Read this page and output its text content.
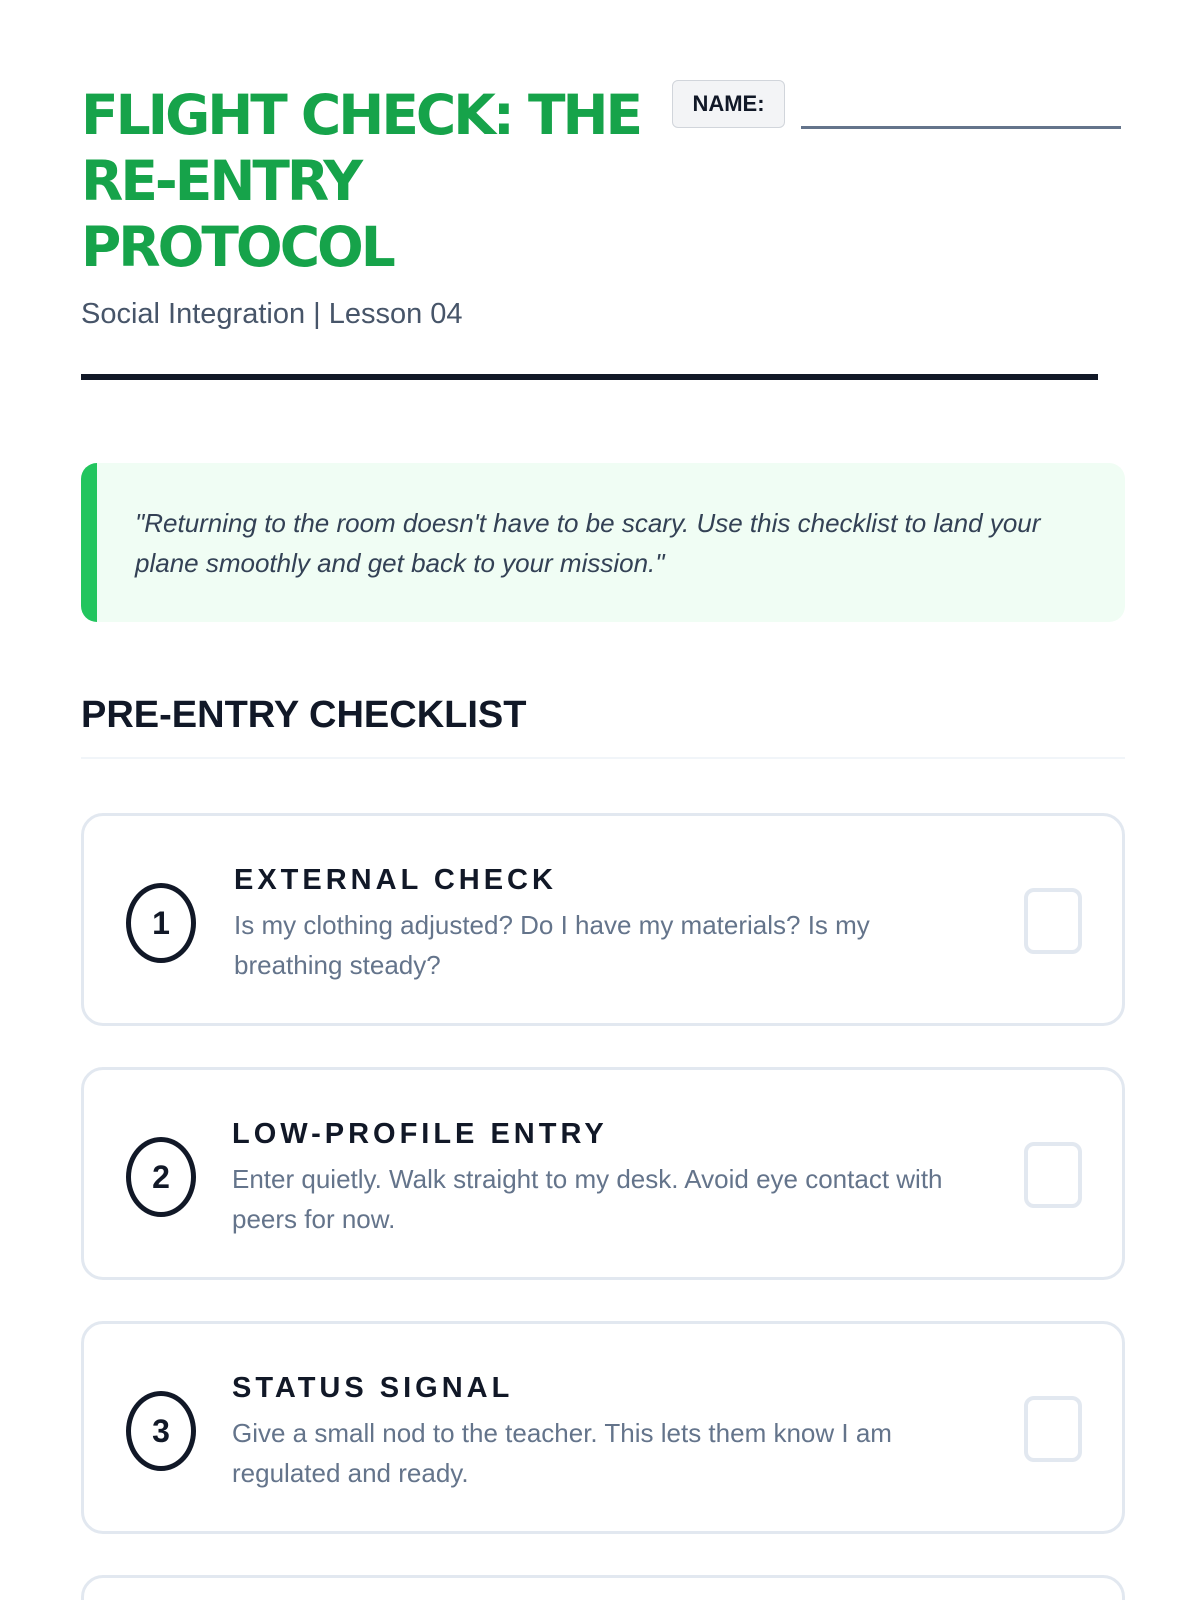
FLIGHT CHECK: THE RE-ENTRY PROTOCOL
NAME:
Social Integration | Lesson 04
"Returning to the room doesn't have to be scary. Use this checklist to land your plane smoothly and get back to your mission."
PRE-ENTRY CHECKLIST
1
EXTERNAL CHECK
Is my clothing adjusted? Do I have my materials? Is my breathing steady?
2
LOW-PROFILE ENTRY
Enter quietly. Walk straight to my desk. Avoid eye contact with peers for now.
3
STATUS SIGNAL
Give a small nod to the teacher. This lets them know I am regulated and ready.
